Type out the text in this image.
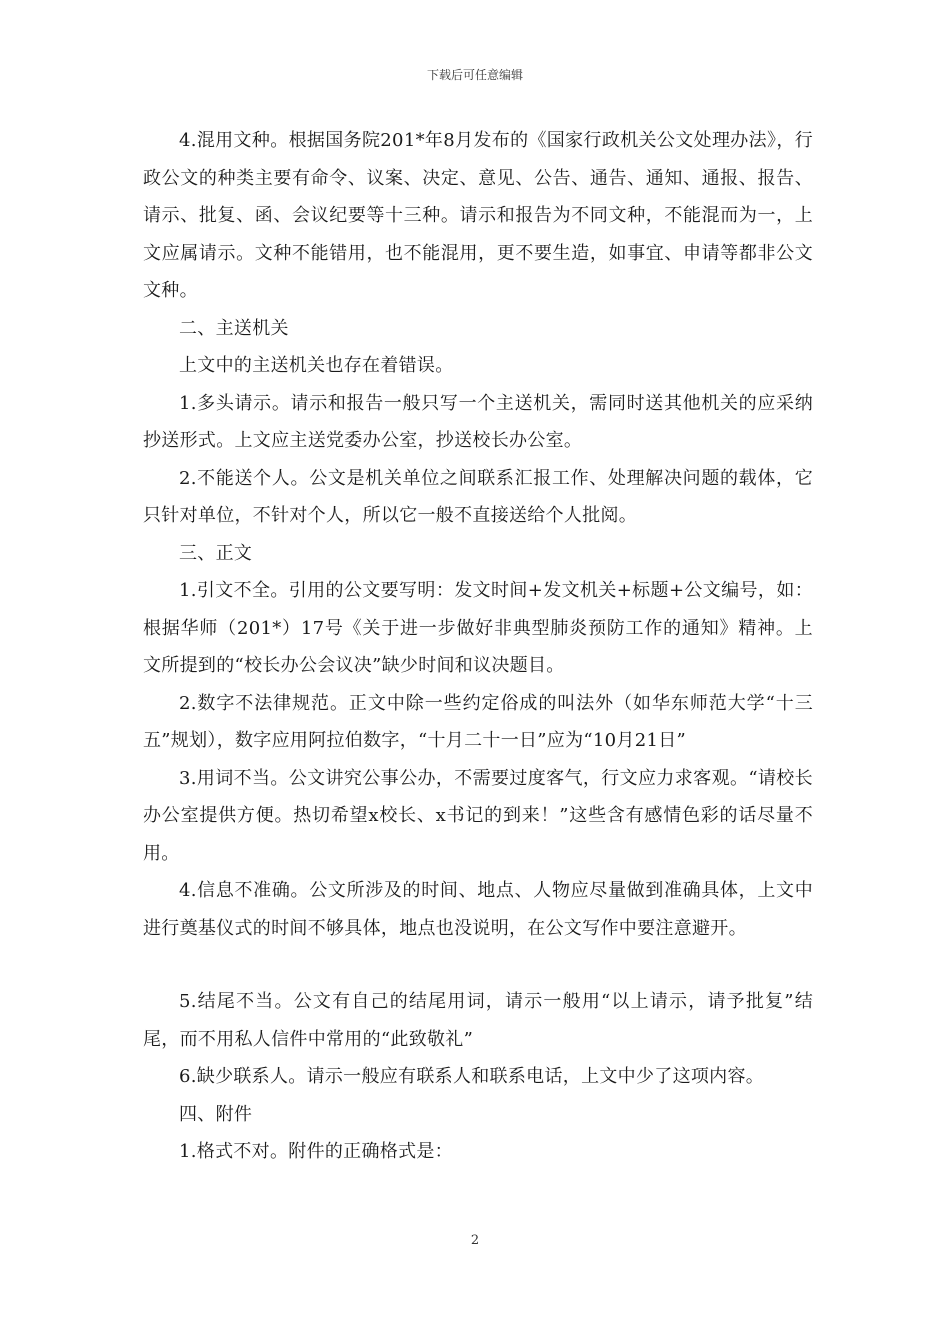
下载后可任意编辑

4.混用文种。根据国务院201*年8月发布的《国家行政机关公文处理办法》，行政公文的种类主要有命令、议案、决定、意见、公告、通告、通知、通报、报告、请示、批复、函、会议纪要等十三种。请示和报告为不同文种，不能混而为一，上文应属请示。文种不能错用，也不能混用，更不要生造，如事宜、申请等都非公文文种。

二、主送机关

上文中的主送机关也存在着错误。

1.多头请示。请示和报告一般只写一个主送机关，需同时送其他机关的应采纳抄送形式。上文应主送党委办公室，抄送校长办公室。

2.不能送个人。公文是机关单位之间联系汇报工作、处理解决问题的载体，它只针对单位，不针对个人，所以它一般不直接送给个人批阅。

三、正文

1.引文不全。引用的公文要写明：发文时间+发文机关+标题+公文编号，如：根据华师（201*）17号《关于进一步做好非典型肺炎预防工作的通知》精神。上文所提到的“校长办公会议决”缺少时间和议决题目。

2.数字不法律规范。正文中除一些约定俗成的叫法外（如华东师范大学“十三五”规划），数字应用阿拉伯数字，“十月二十一日”应为“10月21日”

3.用词不当。公文讲究公事公办，不需要过度客气，行文应力求客观。“请校长办公室提供方便。热切希望x校长、x书记的到来！”这些含有感情色彩的话尽量不用。

4.信息不准确。公文所涉及的时间、地点、人物应尽量做到准确具体，上文中进行奠基仪式的时间不够具体，地点也没说明，在公文写作中要注意避开。

5.结尾不当。公文有自己的结尾用词，请示一般用“以上请示，请予批复”结尾，而不用私人信件中常用的“此致敬礼”

6.缺少联系人。请示一般应有联系人和联系电话，上文中少了这项内容。

四、附件

1.格式不对。附件的正确格式是：

2
